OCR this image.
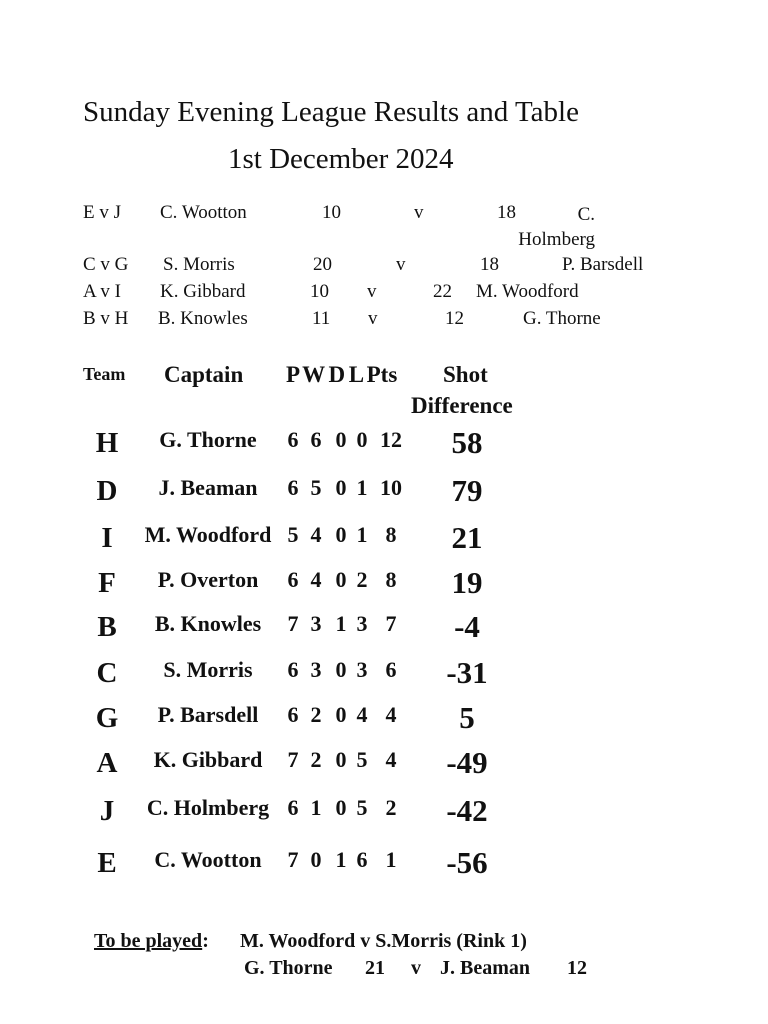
Sunday Evening League Results and Table
1st December 2024
E v J C. Wootton	10	v	18	C. Holmberg
C v G S. Morris	20	v	18	P. Barsdell
A v I K. Gibbard	10 v	22 M. Woodford
B v H B. Knowles	11 v	12	G. Thorne
Team Captain P W D L Pts Shot
Difference
H	G. Thorne	6 6 0 0 12	58
D	J. Beaman	6 5 0 1 10	79
I	M. Woodford 5 4 0 1 8	21
F	P. Overton	6 4 0 2 8	19
B	B. Knowles	7 3 1 3 7	-4
C	S. Morris	6 3 0 3 6	-31
G	P. Barsdell	6 2 0 4 4	5
A	K. Gibbard	7 2 0 5 4	-49
J	C. Holmberg 6 1 0 5 2	-42
E	C. Wootton	7 0 1 6 1	-56
To be played: M. Woodford v S.Morris (Rink 1)
G. Thorne 21 v J. Beaman 12
